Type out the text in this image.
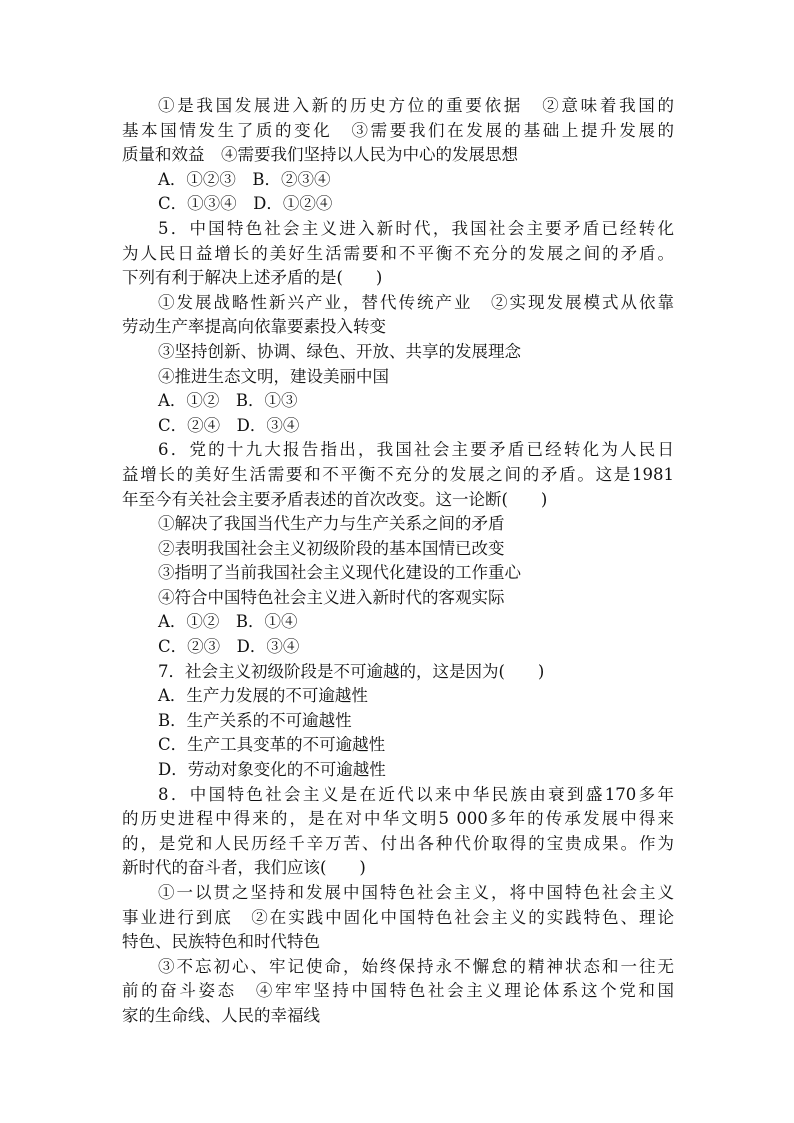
①是我国发展进入新的历史方位的重要依据　②意味着我国的
基本国情发生了质的变化　③需要我们在发展的基础上提升发展的
质量和效益　④需要我们坚持以人民为中心的发展思想
A．①②③　B．②③④
C．①③④　D．①②④
5．中国特色社会主义进入新时代，我国社会主要矛盾已经转化
为人民日益增长的美好生活需要和不平衡不充分的发展之间的矛盾。
下列有利于解决上述矛盾的是(　　)
①发展战略性新兴产业，替代传统产业　②实现发展模式从依靠
劳动生产率提高向依靠要素投入转变
③坚持创新、协调、绿色、开放、共享的发展理念
④推进生态文明，建设美丽中国
A．①②　B．①③
C．②④　D．③④
6．党的十九大报告指出，我国社会主要矛盾已经转化为人民日
益增长的美好生活需要和不平衡不充分的发展之间的矛盾。这是1981
年至今有关社会主要矛盾表述的首次改变。这一论断(　　)
①解决了我国当代生产力与生产关系之间的矛盾
②表明我国社会主义初级阶段的基本国情已改变
③指明了当前我国社会主义现代化建设的工作重心
④符合中国特色社会主义进入新时代的客观实际
A．①②　B．①④
C．②③　D．③④
7．社会主义初级阶段是不可逾越的，这是因为(　　)
A．生产力发展的不可逾越性
B．生产关系的不可逾越性
C．生产工具变革的不可逾越性
D．劳动对象变化的不可逾越性
8．中国特色社会主义是在近代以来中华民族由衰到盛170多年
的历史进程中得来的，是在对中华文明5 000多年的传承发展中得来
的，是党和人民历经千辛万苦、付出各种代价取得的宝贵成果。作为
新时代的奋斗者，我们应该(　　)
①一以贯之坚持和发展中国特色社会主义，将中国特色社会主义
事业进行到底　②在实践中固化中国特色社会主义的实践特色、理论
特色、民族特色和时代特色
③不忘初心、牢记使命，始终保持永不懈怠的精神状态和一往无
前的奋斗姿态　④牢牢坚持中国特色社会主义理论体系这个党和国
家的生命线、人民的幸福线
